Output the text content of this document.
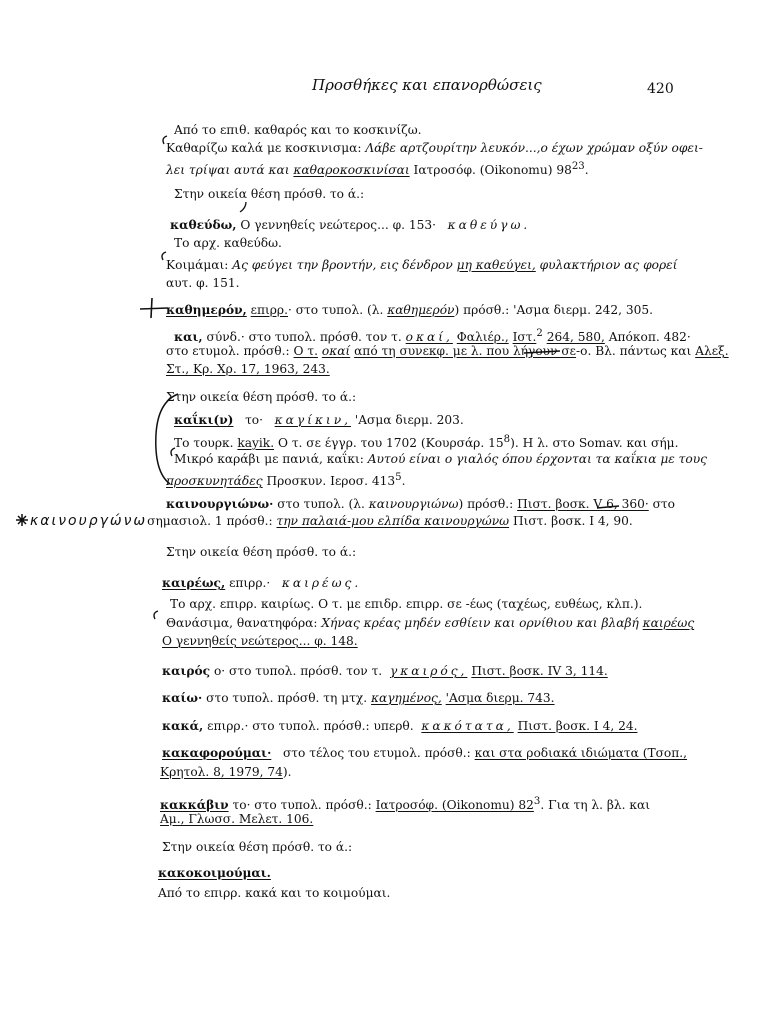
Προσθήκες και επανορθώσεις	420
Από το επιθ. καθαρός και το κοσκινίζω.
Καθαρίζω καλά με κοσκινισμα: Λάβε αρτζουρίτην λευκόν...,ο έχων χρώμαν οξύν οφει-
λει τρίψαι αυτά και καθαροκοσκινίσαι Ιατροσόφ. (Oikonomu) $98^{23}$.
Στην οικεία θέση πρόσθ. το ά.:
καθεύδω, Ο γεννηθείς νεώτερος... φ. 153· καθεύγω.
Το αρχ. καθεύδω.
Κοιμάμαι: Ας φεύγει την βροντήν, εις δένδρον μη καθεύγει, φυλακτήριον ας φορεί
αυτ. φ. 151.
καθημερόν, επιρρ.· στο τυπολ. (λ. καθημερόν) πρόσθ.: 'Ασμα διερμ. 242, 305.
και, σύνδ.· στο τυπολ. πρόσθ. τον τ. οκαί, Φαλιέρ., Ιστ.$^2$ 264, 580, Απόκοπ. 482·
στο ετυμολ. πρόσθ.: Ο τ. οκαί από τη συνεκφ. με λ. που λήγουν σε-ο. Βλ. πάντως και Αλεξ.
Στ., Κρ. Χρ. 17, 1963, 243.
Στην οικεία θέση πρόσθ. το ά.:
καΐκι(ν) το· καγίκιν, 'Ασμα διερμ. 203.
Το τουρκ. kayik. Ο τ. σε έγγρ. του 1702 (Κουρσάρ. $15^8$). Η λ. στο Somav. και σήμ.
Μικρό καράβι με πανιά, καΐκι: Αυτού είναι ο γιαλός όπου έρχονται τα καΐκια με τους
προσκυνητάδες Προσκυν. Ιεροσ. $413^5$.
καινουργιώνω· στο τυπολ. (λ. καινουργιώνω) πρόσθ.: Πιστ. βοσκ. V 6, 360· στο
καινουργώνωσημασιολ. 1 πρόσθ.: την παλαιά-μου ελπίδα καινουργώνω Πιστ. βοσκ. Ι 4, 90.
Στην οικεία θέση πρόσθ. το ά.:
καιρέως, επιρρ.· καιρέως.
Το αρχ. επιρρ. καιρίως. Ο τ. με επιδρ. επιρρ. σε -έως (ταχέως, ευθέως, κλπ.).
Θανάσιμα, θανατηφόρα: Χήνας κρέας μηδέν εσθίειν και ορνίθιου και βλαβή καιρέως
Ο γεννηθείς νεώτερος... φ. 148.
καιρός ο· στο τυπολ. πρόσθ. τον τ. γκαιρός, Πιστ. βοσκ. IV 3, 114.
καίω· στο τυπολ. πρόσθ. τη μτχ. καγημένος, 'Ασμα διερμ. 743.
κακά, επιρρ.· στο τυπολ. πρόσθ.: υπερθ. κακότατα, Πιστ. βοσκ. Ι 4, 24.
κακαφορούμαι· στο τέλος του ετυμολ. πρόσθ.: και στα ροδιακά ιδιώματα (Τσοπ.,
Κρητολ. 8, 1979, 74).
κακκάβιν το· στο τυπολ. πρόσθ.: Ιατροσόφ. (Oikonomu) $82^3$. Για τη λ. βλ. και
Αμ., Γλωσσ. Μελετ. 106.
Στην οικεία θέση πρόσθ. το ά.:
κακοκοιμούμαι.
Από το επιρρ. κακά και το κοιμούμαι.
